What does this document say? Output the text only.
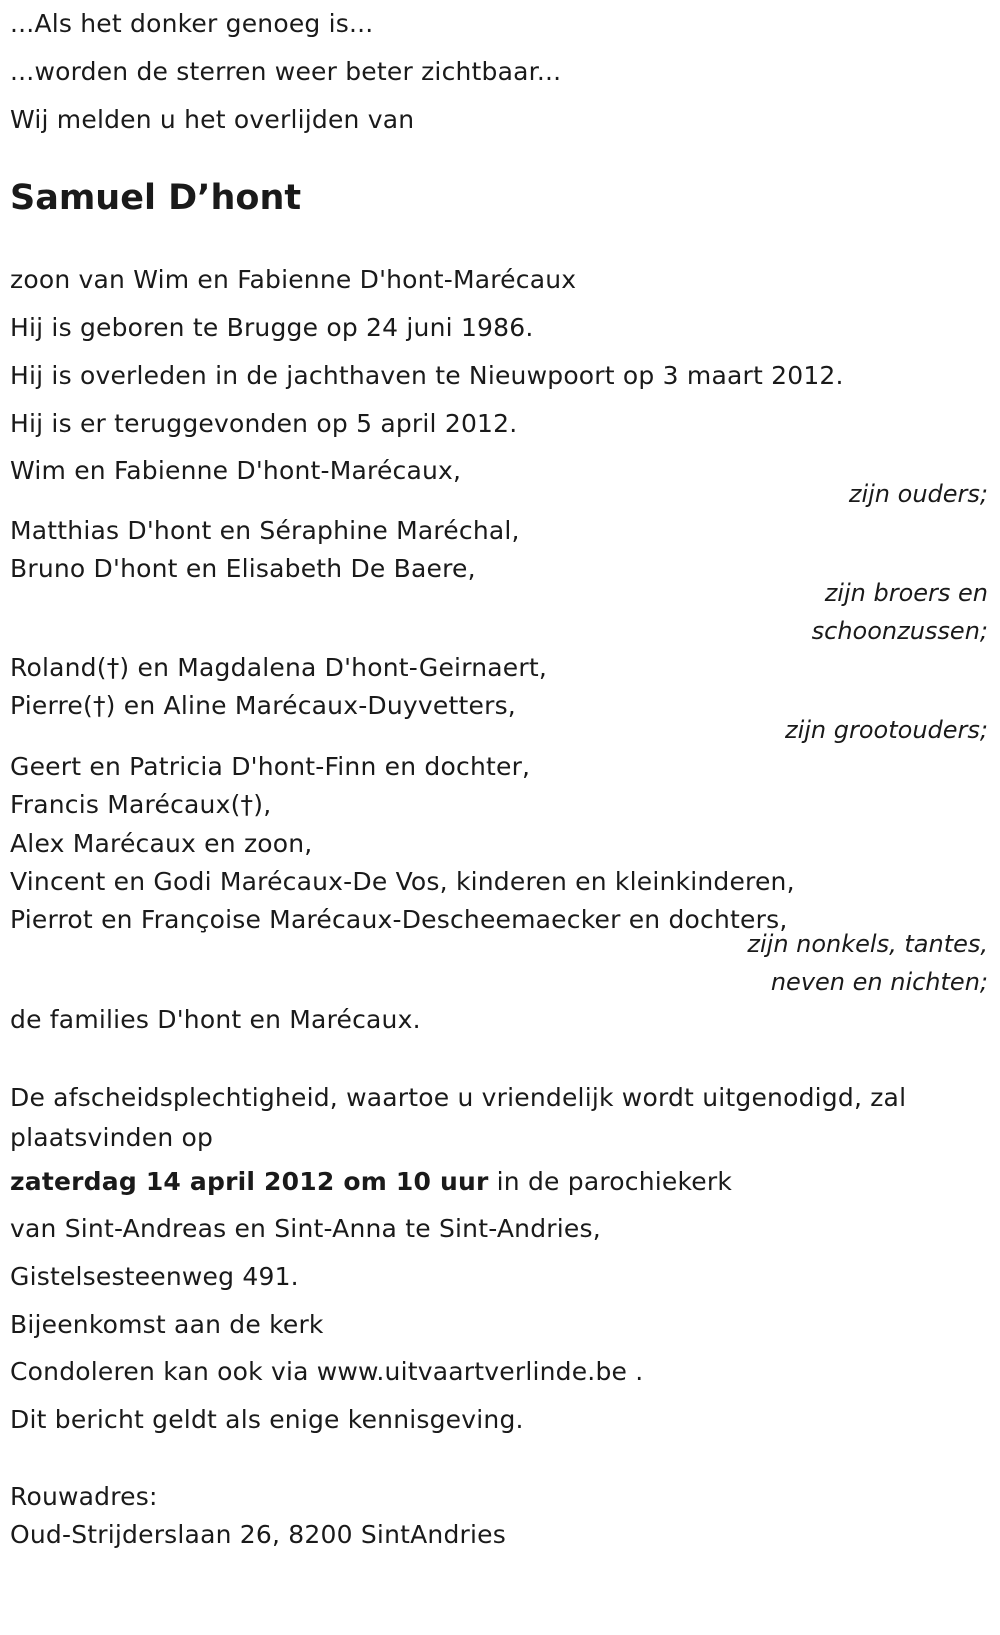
...Als het donker genoeg is...
...worden de sterren weer beter zichtbaar...
Wij melden u het overlijden van
Samuel D’hont
zoon van Wim en Fabienne D'hont-Marécaux
Hij is geboren te Brugge op 24 juni 1986.
Hij is overleden in de jachthaven te Nieuwpoort op 3 maart 2012.
Hij is er teruggevonden op 5 april 2012.
Wim en Fabienne D'hont-Marécaux,
zijn ouders;
Matthias D'hont en Séraphine Maréchal,
Bruno D'hont en Elisabeth De Baere,
zijn broers en
schoonzussen;
Roland(†) en Magdalena D'hont-Geirnaert,
Pierre(†) en Aline Marécaux-Duyvetters,
zijn grootouders;
Geert en Patricia D'hont-Finn en dochter,
Francis Marécaux(†),
Alex Marécaux en zoon,
Vincent en Godi Marécaux-De Vos, kinderen en kleinkinderen,
Pierrot en Françoise Marécaux-Descheemaecker en dochters,
zijn nonkels, tantes,
neven en nichten;
de families D'hont en Marécaux.
De afscheidsplechtigheid, waartoe u vriendelijk wordt uitgenodigd, zal plaatsvinden op
zaterdag 14 april 2012 om 10 uur in de parochiekerk
van Sint-Andreas en Sint-Anna te Sint-Andries,
Gistelsesteenweg 491.
Bijeenkomst aan de kerk
Condoleren kan ook via www.uitvaartverlinde.be .
Dit bericht geldt als enige kennisgeving.
Rouwadres:
Oud-Strijderslaan 26, 8200 SintAndries
